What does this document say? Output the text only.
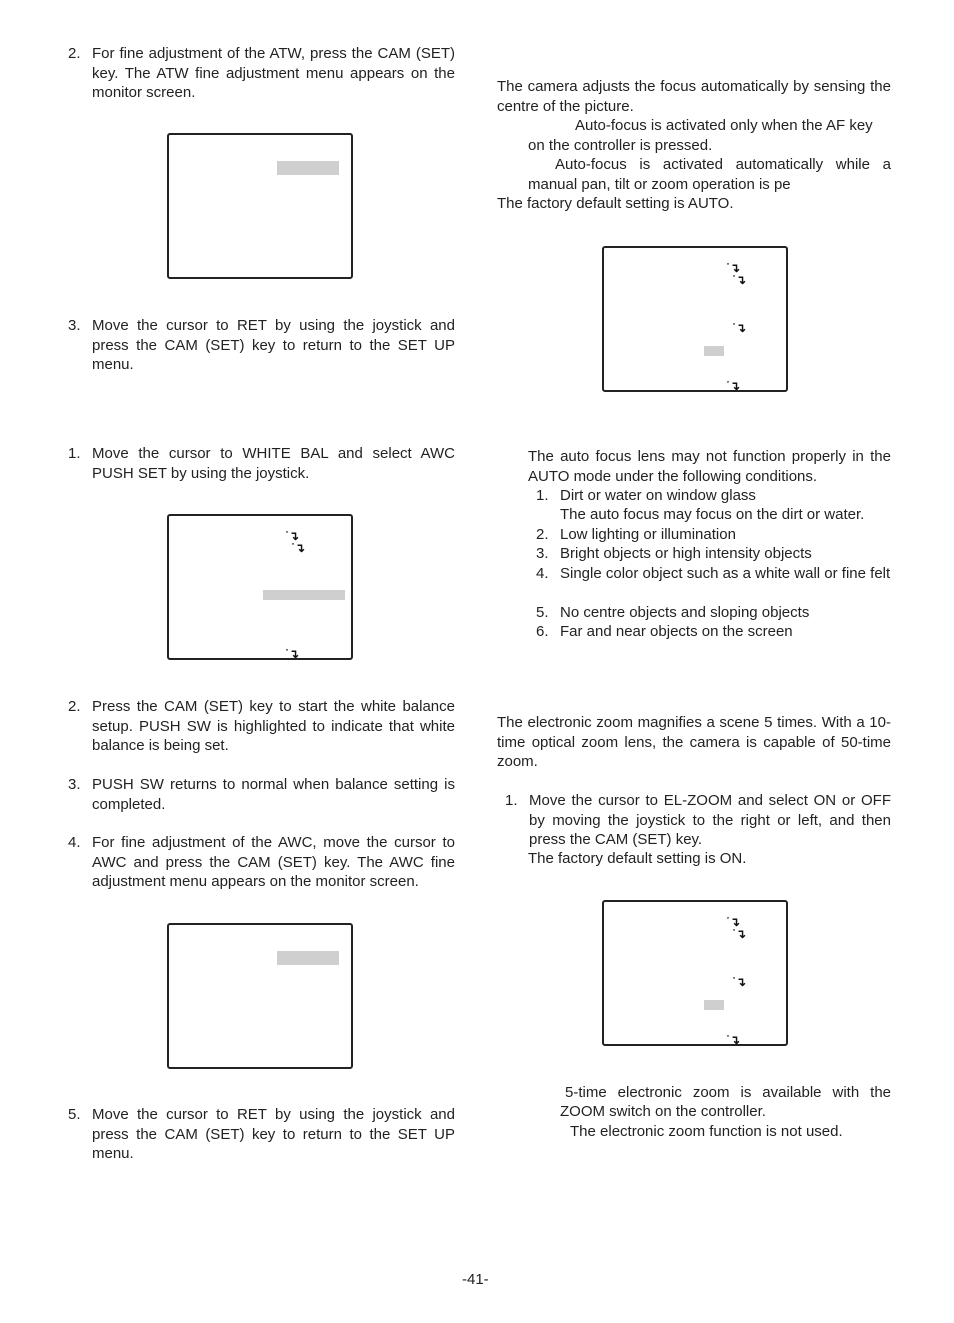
2. For fine adjustment of the ATW, press the CAM (SET) key. The ATW fine adjustment menu appears on the monitor screen.
3. Move the cursor to RET by using the joystick and press the CAM (SET) key to return to the SET UP menu.
1. Move the cursor to WHITE BAL and select AWC PUSH SET by using the joystick.
˙↴
˙↴
˙↴
2. Press the CAM (SET) key to start the white balance setup. PUSH SW is highlighted to indicate that white balance is being set.
3. PUSH SW returns to normal when balance setting is completed.
4. For fine adjustment of the AWC, move the cursor to AWC and press the CAM (SET) key. The AWC fine adjustment menu appears on the monitor screen.
5. Move the cursor to RET by using the joystick and press the CAM (SET) key to return to the SET UP menu.
The camera adjusts the focus automatically by sensing the centre of the picture.
Auto-focus is activated only when the AF key
on the controller is pressed.
Auto-focus is activated automatically while a
manual pan, tilt or zoom operation is pe
The factory default setting is AUTO.
˙↴
˙↴
˙↴
˙↴
The auto focus lens may not function properly in the AUTO mode under the following conditions.
1. Dirt or water on window glass
The auto focus may focus on the dirt or water.
2. Low lighting or illumination
3. Bright objects or high intensity objects
4. Single color object such as a white wall or fine felt
5. No centre objects and sloping objects
6. Far and near objects on the screen
The electronic zoom magnifies a scene 5 times. With a 10-time optical zoom lens, the camera is capable of 50-time zoom.
1. Move the cursor to EL-ZOOM and select ON or OFF by moving the joystick to the right or left, and then press the CAM (SET) key.
The factory default setting is ON.
˙↴
˙↴
˙↴
˙↴
5-time electronic zoom is available with the
ZOOM switch on the controller.
The electronic zoom function is not used.
-41-
